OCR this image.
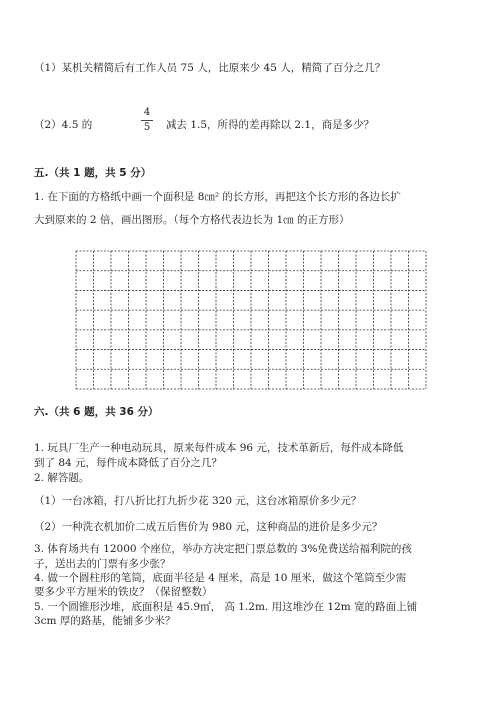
（1）某机关精简后有工作人员 75 人，比原来少 45 人，精简了百分之几？
（2）4.5 的
4
5 减去 1.5，所得的差再除以 2.1，商是多少？
五.（共 1 题，共 5 分）
1. 在下面的方格纸中画一个面积是 8㎝² 的长方形，再把这个长方形的各边长扩
大到原来的 2 倍，画出图形。（每个方格代表边长为 1㎝ 的正方形）
六.（共 6 题，共 36 分）
1. 玩具厂生产一种电动玩具，原来每件成本 96 元，技术革新后，每件成本降低
到了 84 元，每件成本降低了百分之几？
2. 解答题。
（1）一台冰箱，打八折比打九折少花 320 元，这台冰箱原价多少元？
（2）一种洗衣机加价二成五后售价为 980 元，这种商品的进价是多少元？
3. 体育场共有 12000 个座位，举办方决定把门票总数的 3%免费送给福利院的孩
子，送出去的门票有多少张？
4. 做一个圆柱形的笔筒，底面半径是 4 厘米，高是 10 厘米，做这个笔筒至少需
要多少平方厘米的铁皮？（保留整数）
5. 一个圆锥形沙堆，底面积是 45.9㎡， 高 1.2m. 用这堆沙在 12m 宽的路面上铺
3cm 厚的路基，能铺多少米？
